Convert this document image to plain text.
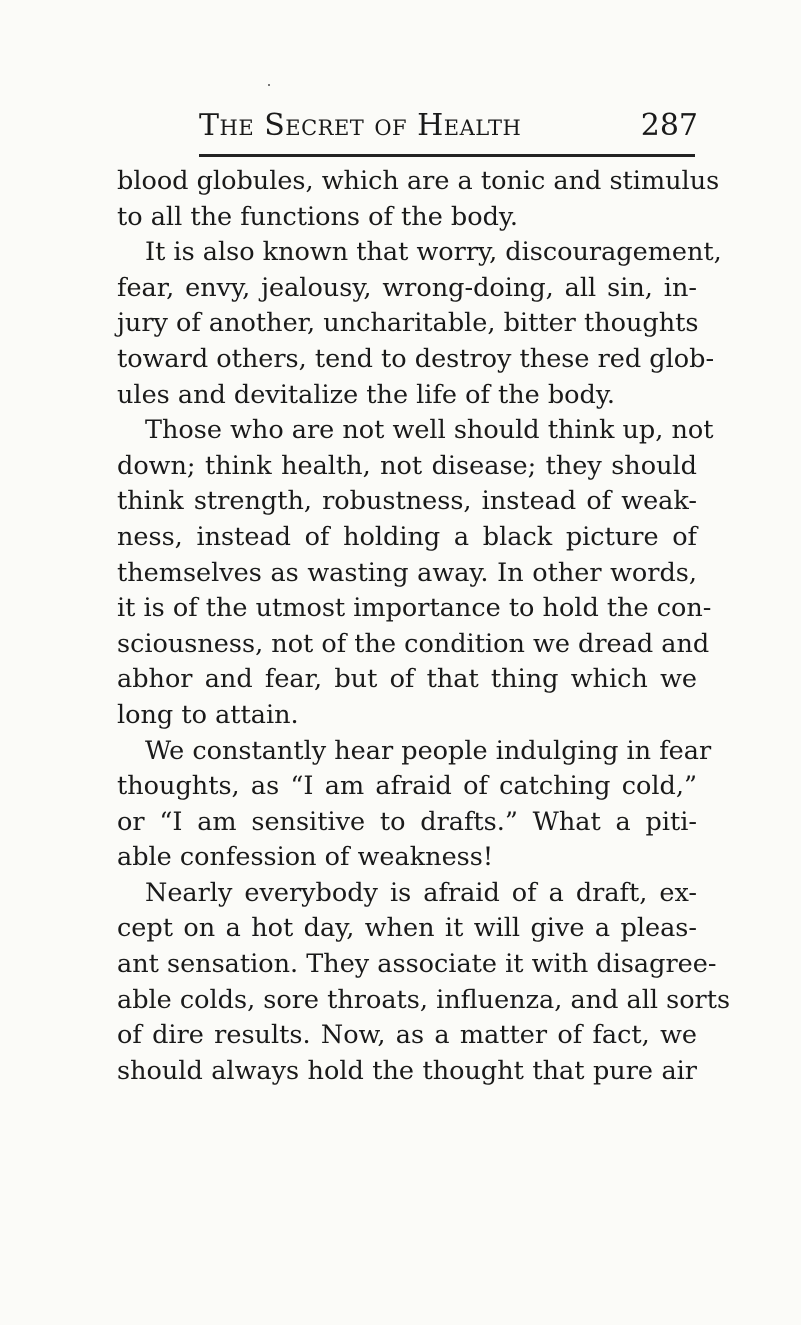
The Secret of Health	287
blood globules, which are a tonic and stimulus
to all the functions of the body.
It is also known that worry, discouragement,
fear, envy, jealousy, wrong-doing, all sin, in-
jury of another, uncharitable, bitter thoughts
toward others, tend to destroy these red glob-
ules and devitalize the life of the body.
Those who are not well should think up, not
down; think health, not disease; they should
think strength, robustness, instead of weak-
ness, instead of holding a black picture of
themselves as wasting away. In other words,
it is of the utmost importance to hold the con-
sciousness, not of the condition we dread and
abhor and fear, but of that thing which we
long to attain.
We constantly hear people indulging in fear
thoughts, as “I am afraid of catching cold,”
or “I am sensitive to drafts.” What a piti-
able confession of weakness!
Nearly everybody is afraid of a draft, ex-
cept on a hot day, when it will give a pleas-
ant sensation. They associate it with disagree-
able colds, sore throats, influenza, and all sorts
of dire results. Now, as a matter of fact, we
should always hold the thought that pure air
